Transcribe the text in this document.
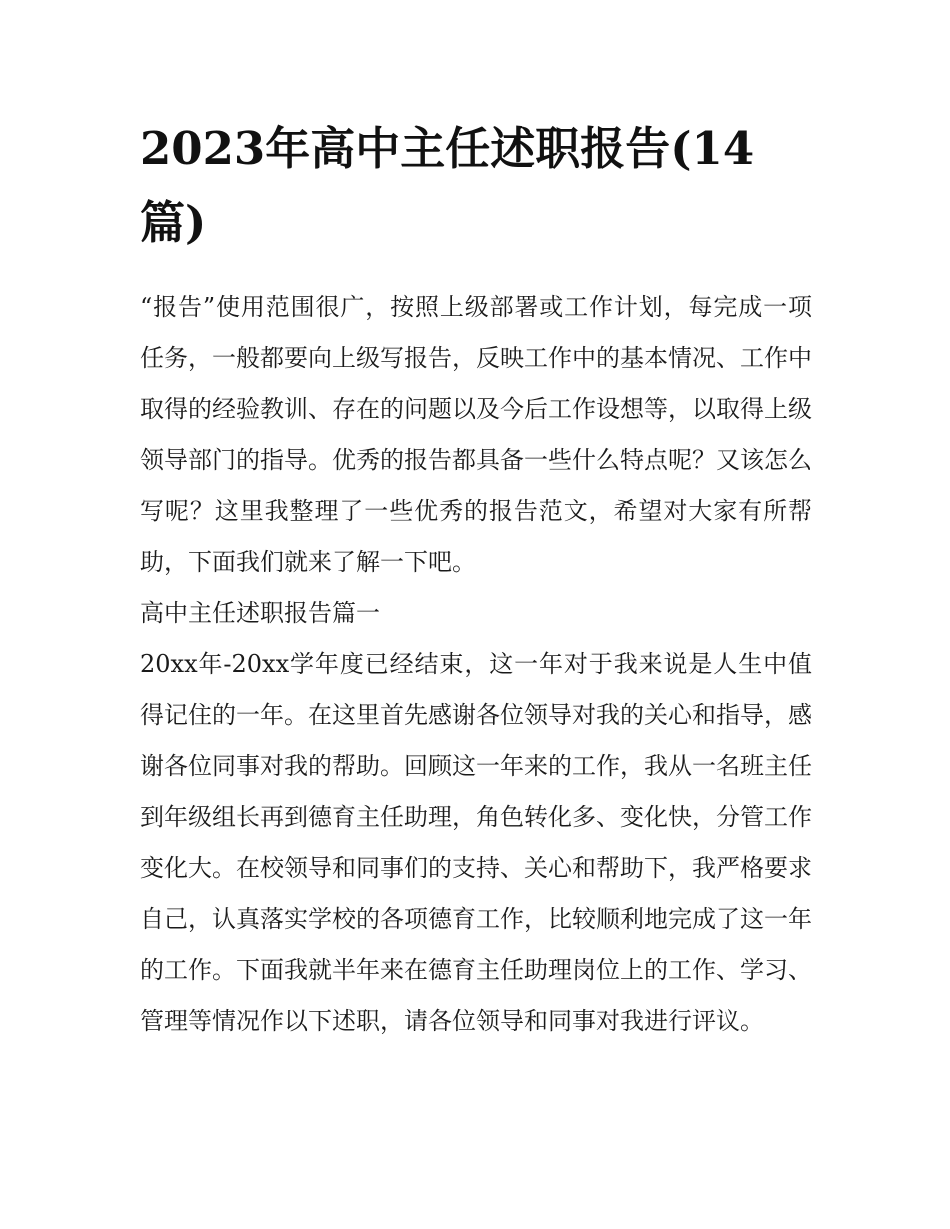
2023年高中主任述职报告(14篇)

“报告”使用范围很广，按照上级部署或工作计划，每完成一项任务，一般都要向上级写报告，反映工作中的基本情况、工作中取得的经验教训、存在的问题以及今后工作设想等，以取得上级领导部门的指导。优秀的报告都具备一些什么特点呢？又该怎么写呢？这里我整理了一些优秀的报告范文，希望对大家有所帮助，下面我们就来了解一下吧。

高中主任述职报告篇一

20xx年-20xx学年度已经结束，这一年对于我来说是人生中值得记住的一年。在这里首先感谢各位领导对我的关心和指导，感谢各位同事对我的帮助。回顾这一年来的工作，我从一名班主任到年级组长再到德育主任助理，角色转化多、变化快，分管工作变化大。在校领导和同事们的支持、关心和帮助下，我严格要求自己，认真落实学校的各项德育工作，比较顺利地完成了这一年的工作。下面我就半年来在德育主任助理岗位上的工作、学习、管理等情况作以下述职，请各位领导和同事对我进行评议。
